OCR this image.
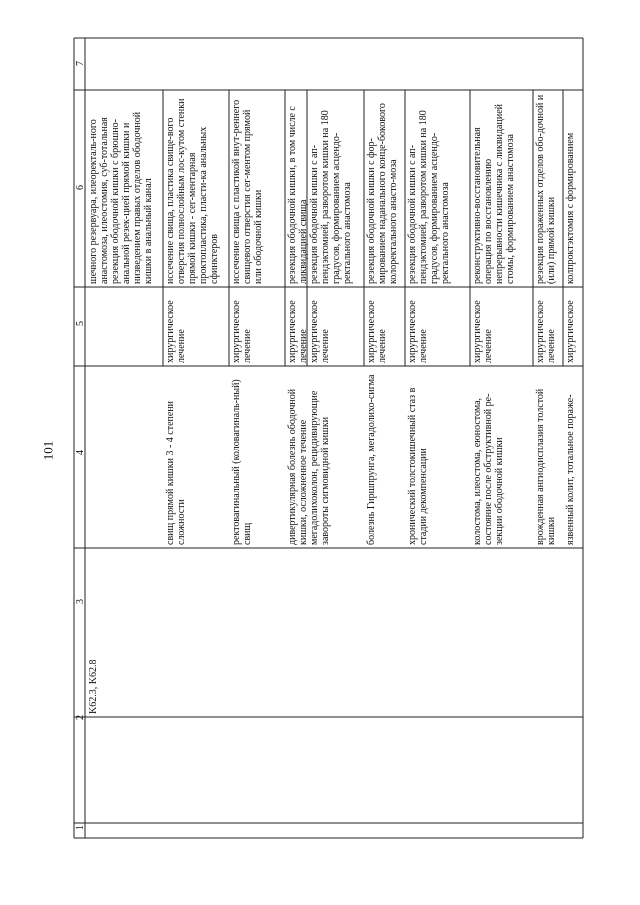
101
1
2
3
4
5
6
7
K62.3, K62.8
шечного резервуара, илеоректаль-ного анастомоза, илеостомия, суб-тотальная резекция ободочной кишки с брюшно-анальной резек-цией прямой кишки и низведением правых отделов ободочной кишки в анальный канал
свищ прямой кишки 3 - 4 степени сложности
хирургическое лечение
иссечение свища, пластика свище-вого отверстия полнослойным лос-кутом стенки прямой кишки - сег-ментарная проктопластика, пласти-ка анальных сфинктеров
ректовагинальный (коловагиналь-ный) свищ
хирургическое лечение
иссечение свища с пластикой внут-реннего свищевого отверстия сег-ментом прямой или ободочной кишки
дивертикулярная болезнь ободочной кишки, осложненное течение
хирургическое лечение
резекция ободочной кишки, в том числе с ликвидацией свища
мегадолихоколон, рецидивирующие завороты сигмовидной кишки
хирургическое лечение
резекция ободочной кишки с ап-пендэктомией, разворотом кишки на 180 градусов, формированием асцендо-ректального анастомоза
болезнь Гиршпрунга, мегадолихо-сигма
хирургическое лечение
резекция ободочной кишки с фор-мированием наданального конце-бокового колоректального анасто-моза
хронический толстокишечный стаз в стадии декомпенсации
хирургическое лечение
резекция ободочной кишки с ап-пендэктомией, разворотом кишки на 180 градусов, формированием асцендо-ректального анастомоза
колостома, илеостома, еюностома, состояние после обструктивной ре-зекции ободочной кишки
хирургическое лечение
реконструктивно-восстановительная операция по восстановлению непрерывности кишечника с ликвидацией стомы, формированием анастомоза
врожденная ангиодисплазия толстой кишки
хирургическое лечение
резекция пораженных отделов обо-дочной и (или) прямой кишки
язвенный колит, тотальное пораже-
хирургическое
колпроктэктомия с формированием
